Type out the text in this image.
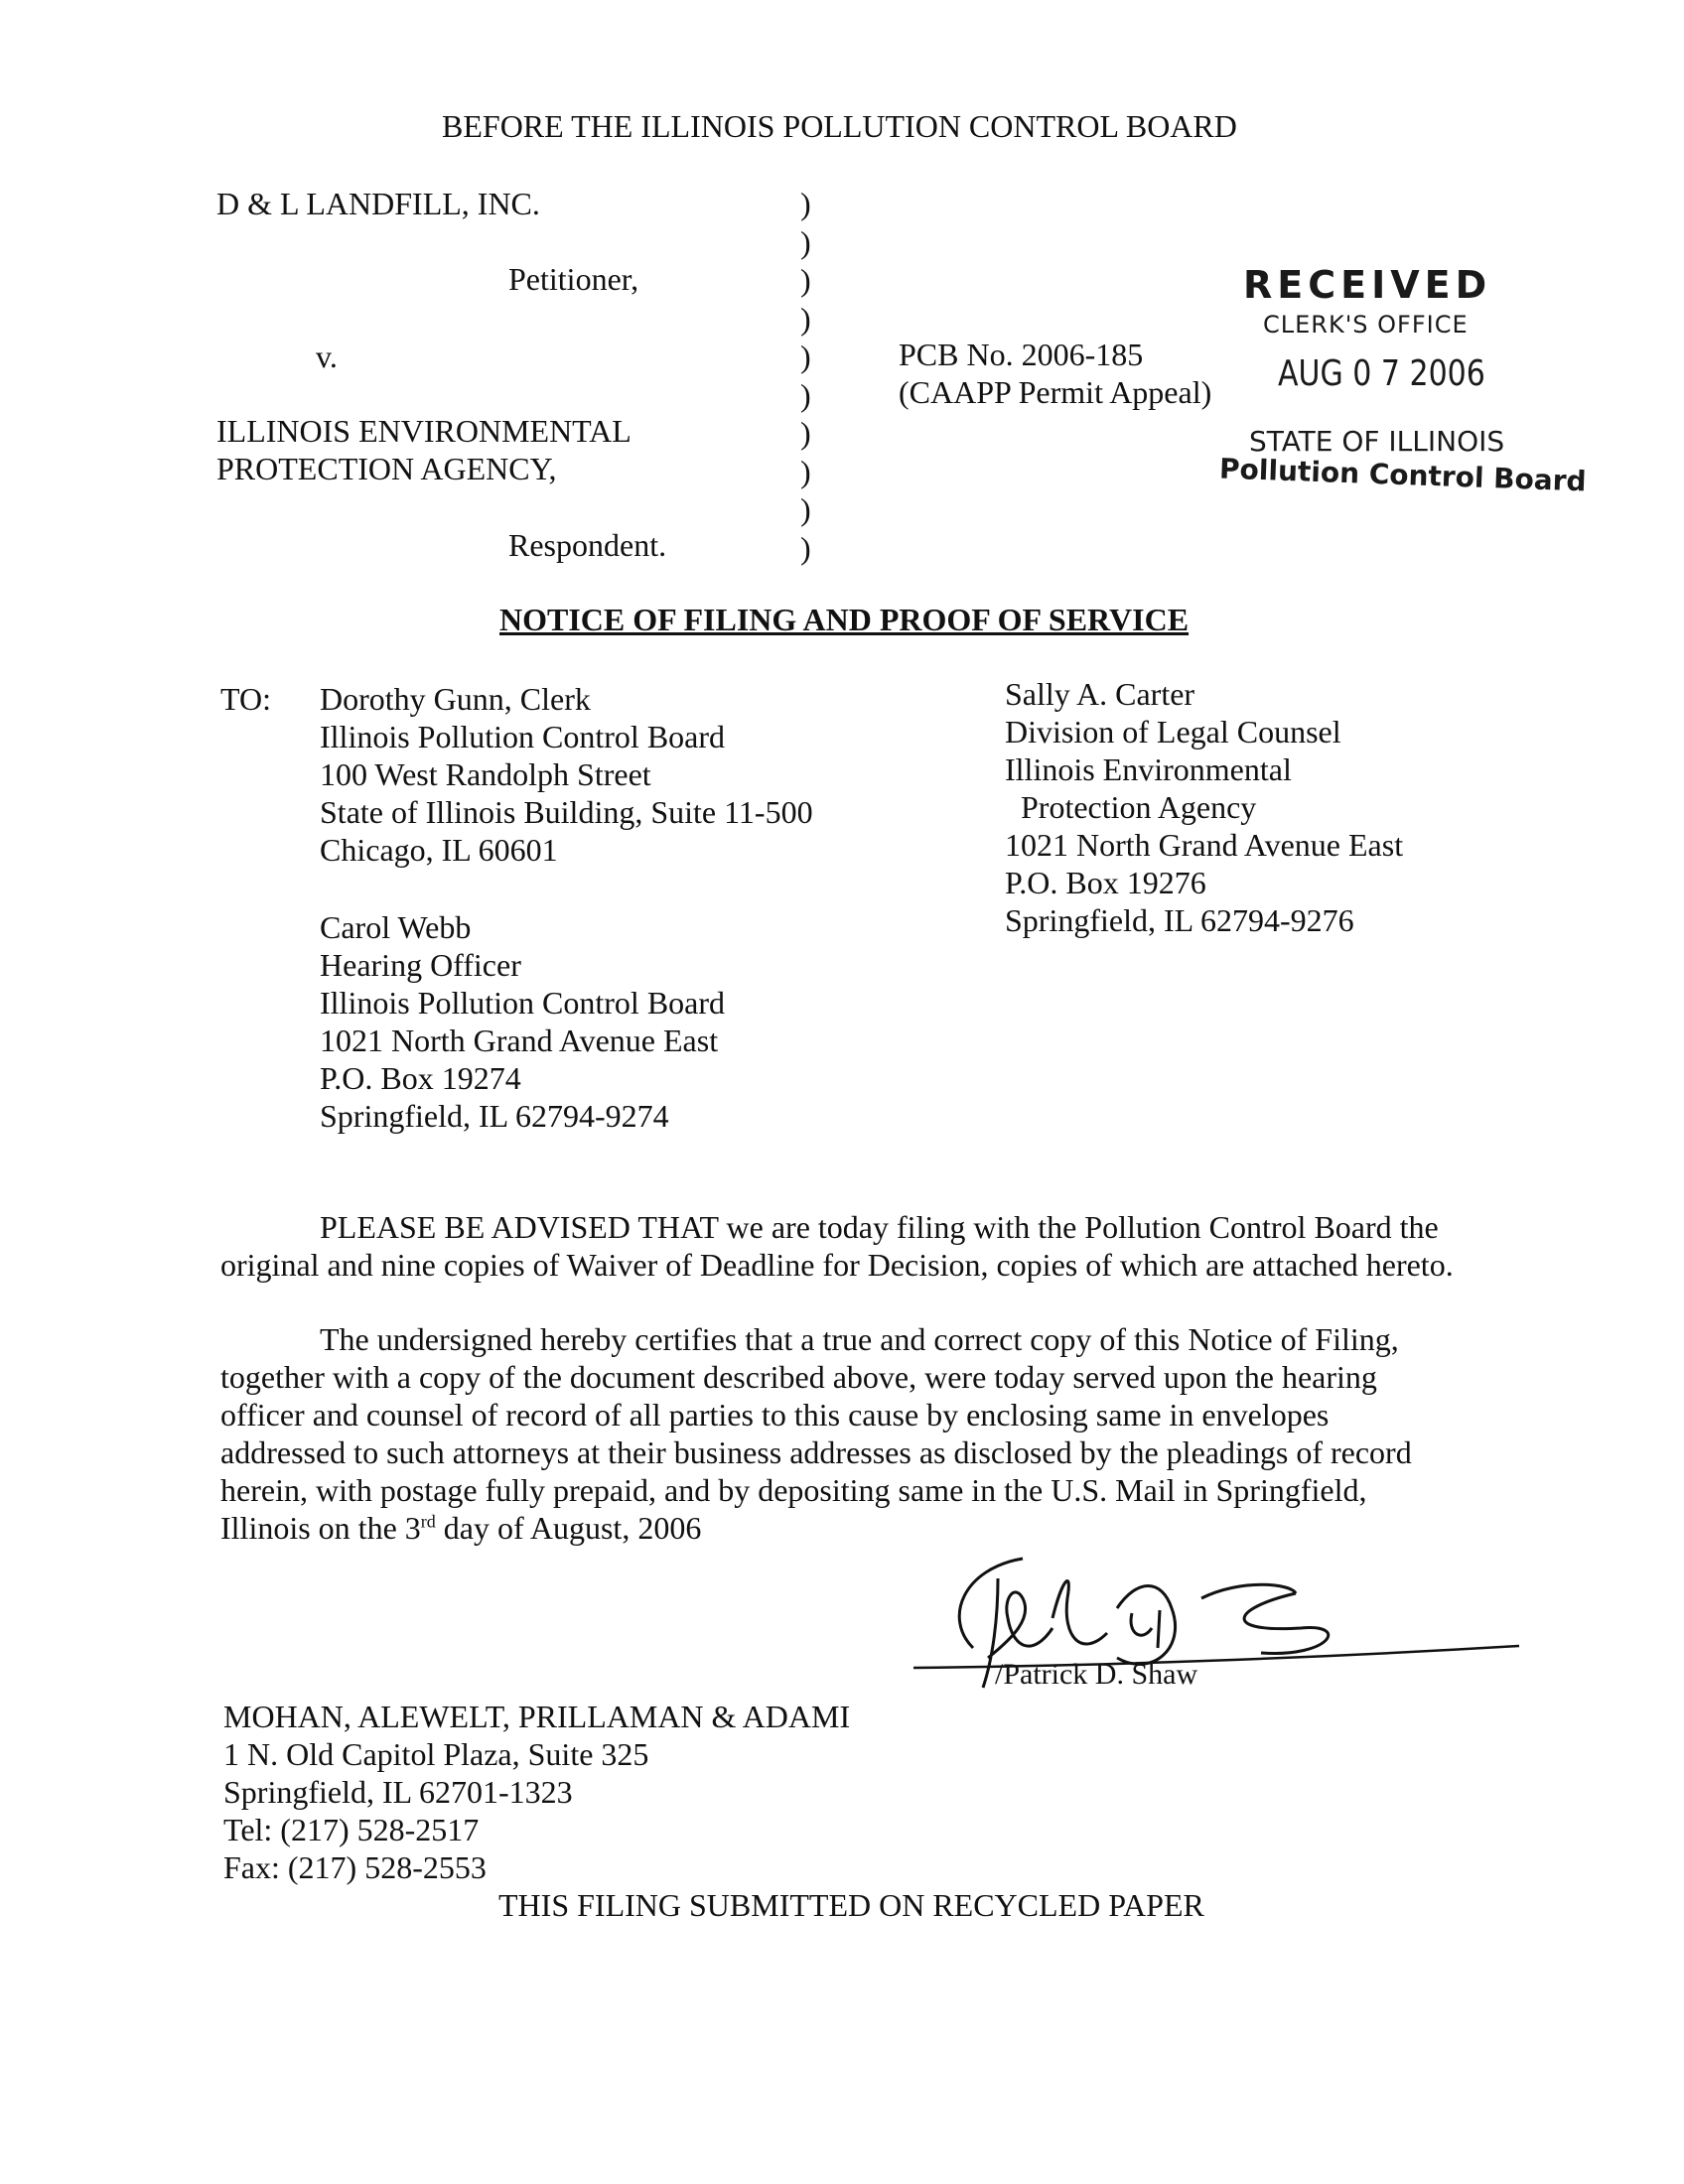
BEFORE THE ILLINOIS POLLUTION CONTROL BOARD
D & L LANDFILL, INC.
Petitioner,
v.
ILLINOIS ENVIRONMENTAL
PROTECTION AGENCY,
Respondent.
)
)
)
)
)
)
)
)
)
)
PCB No. 2006-185
(CAAPP Permit Appeal)
RECEIVED
CLERK'S OFFICE
AUG 0 7 2006
STATE OF ILLINOIS
Pollution Control Board
NOTICE OF FILING AND PROOF OF SERVICE
TO: Dorothy Gunn, Clerk
Illinois Pollution Control Board
100 West Randolph Street
State of Illinois Building, Suite 11-500
Chicago, IL 60601
Carol Webb
Hearing Officer
Illinois Pollution Control Board
1021 North Grand Avenue East
P.O. Box 19274
Springfield, IL 62794-9274
Sally A. Carter
Division of Legal Counsel
Illinois Environmental
Protection Agency
1021 North Grand Avenue East
P.O. Box 19276
Springfield, IL 62794-9276
PLEASE BE ADVISED THAT we are today filing with the Pollution Control Board the
original and nine copies of Waiver of Deadline for Decision, copies of which are attached hereto.
The undersigned hereby certifies that a true and correct copy of this Notice of Filing,
together with a copy of the document described above, were today served upon the hearing
officer and counsel of record of all parties to this cause by enclosing same in envelopes
addressed to such attorneys at their business addresses as disclosed by the pleadings of record
herein, with postage fully prepaid, and by depositing same in the U.S. Mail in Springfield,
Illinois on the 3rd day of August, 2006
/Patrick D. Shaw
MOHAN, ALEWELT, PRILLAMAN & ADAMI
1 N. Old Capitol Plaza, Suite 325
Springfield, IL 62701-1323
Tel: (217) 528-2517
Fax: (217) 528-2553
THIS FILING SUBMITTED ON RECYCLED PAPER
